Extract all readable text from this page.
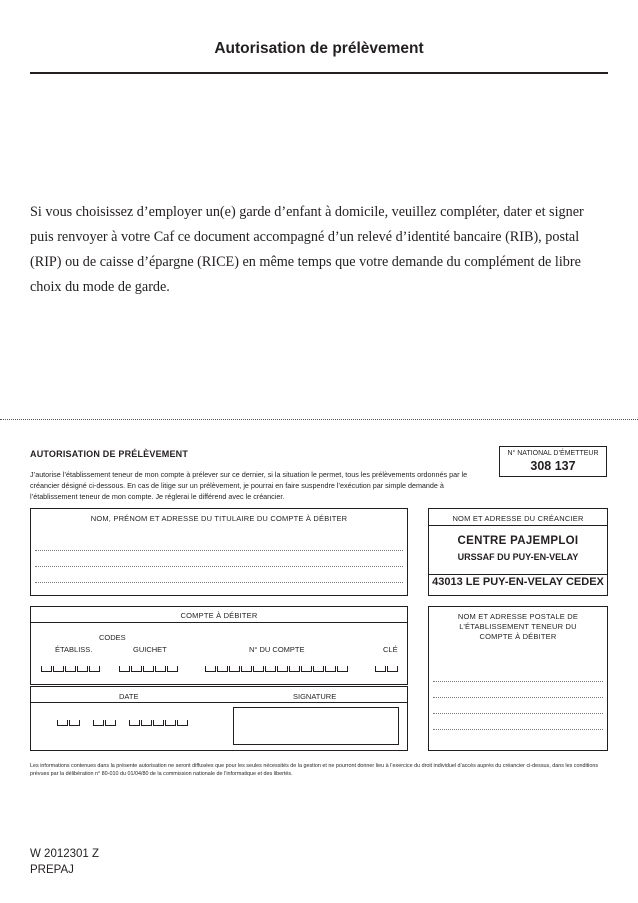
Autorisation de prélèvement
Si vous choisissez d’employer un(e) garde d’enfant à domicile, veuillez compléter, dater et signer puis renvoyer à votre Caf ce document accompagné d’un relevé d’identité bancaire (RIB), postal (RIP) ou de caisse d’épargne (RICE) en même temps que votre demande du complément de libre choix du mode de garde.
AUTORISATION DE PRÉLÈVEMENT
J’autorise l’établissement teneur de mon compte à prélever sur ce dernier, si la situation le permet, tous les prélèvements ordonnés par le créancier désigné ci-dessous. En cas de litige sur un prélèvement, je pourrai en faire suspendre l’exécution par simple demande à l’établissement teneur de mon compte. Je réglerai le différend avec le créancier.
N° NATIONAL D’ÉMETTEUR
308 137
NOM, PRÉNOM ET ADRESSE DU TITULAIRE DU COMPTE À DÉBITER	NOM ET ADRESSE DU CRÉANCIER
CENTRE PAJEMPLOI
URSSAF DU PUY-EN-VELAY
43013 LE PUY-EN-VELAY CEDEX
COMPTE À DÉBITER
CODES
ÉTABLISS.	GUICHET	N° DU COMPTE	CLÉ
NOM ET ADRESSE POSTALE DE L’ÉTABLISSEMENT TENEUR DU COMPTE À DÉBITER
DATE	SIGNATURE
Les informations contenues dans la présente autorisation ne seront diffusées que pour les seules nécessités de la gestion et ne pourront donner lieu à l’exercice du droit individuel d’accès auprès du créancier ci-dessus, dans les conditions prévues par la délibération n° 80-010 du 01/04/80 de la commission nationale de l’informatique et des libertés.
W 2012301 Z
PREPAJ
